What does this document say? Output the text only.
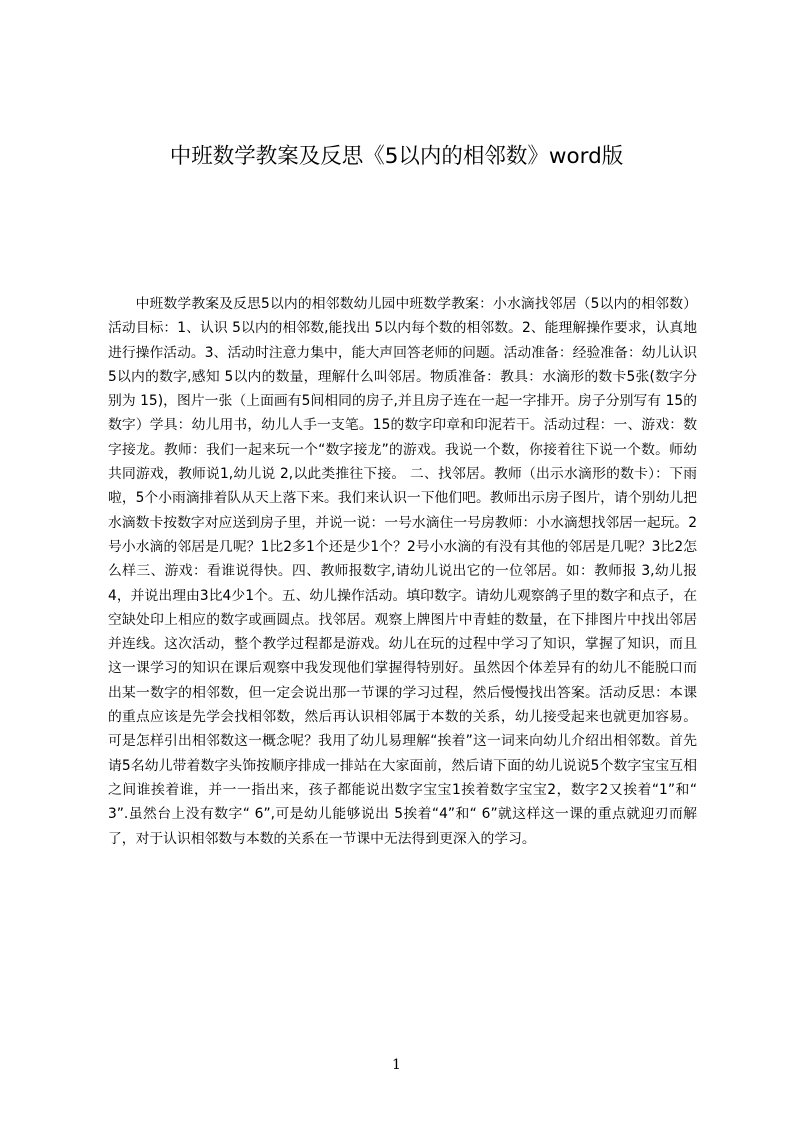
中班数学教案及反思《5以内的相邻数》word版
中班数学教案及反思5以内的相邻数幼儿园中班数学教案：小水滴找邻居（5以内的相邻数）活动目标：1、认识 5以内的相邻数,能找出 5以内每个数的相邻数。2、能理解操作要求，认真地进行操作活动。3、活动时注意力集中，能大声回答老师的问题。活动准备：经验准备：幼儿认识5以内的数字,感知 5以内的数量，理解什么叫邻居。物质准备：教具：水滴形的数卡5张(数字分别为 15)，图片一张（上面画有5间相同的房子,并且房子连在一起一字排开。房子分别写有 15的数字）学具：幼儿用书，幼儿人手一支笔。15的数字印章和印泥若干。活动过程：一、游戏：数字接龙。教师：我们一起来玩一个“数字接龙”的游戏。我说一个数，你接着往下说一个数。师幼共同游戏，教师说1,幼儿说 2,以此类推往下接。 二、找邻居。教师（出示水滴形的数卡）：下雨啦，5个小雨滴排着队从天上落下来。我们来认识一下他们吧。教师出示房子图片，请个别幼儿把水滴数卡按数字对应送到房子里，并说一说：一号水滴住一号房教师：小水滴想找邻居一起玩。2号小水滴的邻居是几呢？1比2多1个还是少1个？2号小水滴的有没有其他的邻居是几呢？3比2怎么样三、游戏：看谁说得快。四、教师报数字,请幼儿说出它的一位邻居。如：教师报 3,幼儿报 4，并说出理由3比4少1个。五、幼儿操作活动。填印数字。请幼儿观察鸽子里的数字和点子，在空缺处印上相应的数字或画圆点。找邻居。观察上牌图片中青蛙的数量，在下排图片中找出邻居并连线。这次活动，整个教学过程都是游戏。幼儿在玩的过程中学习了知识，掌握了知识，而且这一课学习的知识在课后观察中我发现他们掌握得特别好。虽然因个体差异有的幼儿不能脱口而出某一数字的相邻数，但一定会说出那一节课的学习过程，然后慢慢找出答案。活动反思：本课的重点应该是先学会找相邻数，然后再认识相邻属于本数的关系，幼儿接受起来也就更加容易。可是怎样引出相邻数这一概念呢？我用了幼儿易理解“挨着”这一词来向幼儿介绍出相邻数。首先请5名幼儿带着数字头饰按顺序排成一排站在大家面前，然后请下面的幼儿说说5个数字宝宝互相之间谁挨着谁，并一一指出来，孩子都能说出数字宝宝1挨着数字宝宝2，数字2又挨着“1”和“ 3”.虽然台上没有数字“ 6”,可是幼儿能够说出 5挨着“4”和“ 6”就这样这一课的重点就迎刃而解了，对于认识相邻数与本数的关系在一节课中无法得到更深入的学习。
1
